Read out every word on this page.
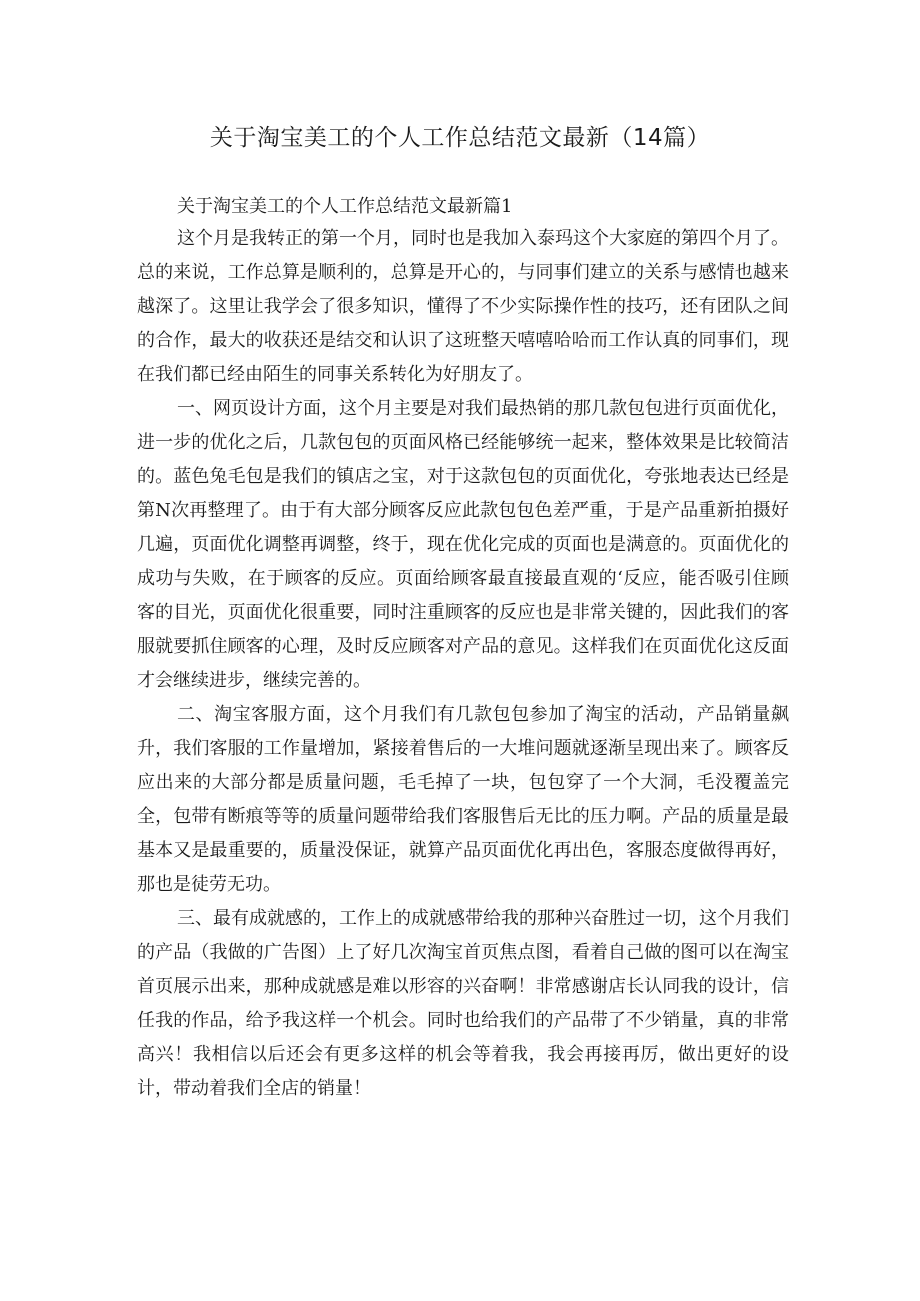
关于淘宝美工的个人工作总结范文最新（14篇）

关于淘宝美工的个人工作总结范文最新篇1

这个月是我转正的第一个月，同时也是我加入泰玛这个大家庭的第四个月了。总的来说，工作总算是顺利的，总算是开心的，与同事们建立的关系与感情也越来越深了。这里让我学会了很多知识，懂得了不少实际操作性的技巧，还有团队之间的合作，最大的收获还是结交和认识了这班整天嘻嘻哈哈而工作认真的同事们，现在我们都已经由陌生的同事关系转化为好朋友了。

一、网页设计方面，这个月主要是对我们最热销的那几款包包进行页面优化，进一步的优化之后，几款包包的页面风格已经能够统一起来，整体效果是比较简洁的。蓝色兔毛包是我们的镇店之宝，对于这款包包的页面优化，夸张地表达已经是第N次再整理了。由于有大部分顾客反应此款包包色差严重，于是产品重新拍摄好几遍，页面优化调整再调整，终于，现在优化完成的页面也是满意的。页面优化的成功与失败，在于顾客的反应。页面给顾客最直接最直观的‘反应，能否吸引住顾客的目光，页面优化很重要，同时注重顾客的反应也是非常关键的，因此我们的客服就要抓住顾客的心理，及时反应顾客对产品的意见。这样我们在页面优化这反面才会继续进步，继续完善的。

二、淘宝客服方面，这个月我们有几款包包参加了淘宝的活动，产品销量飙升，我们客服的工作量增加，紧接着售后的一大堆问题就逐渐呈现出来了。顾客反应出来的大部分都是质量问题，毛毛掉了一块，包包穿了一个大洞，毛没覆盖完全，包带有断痕等等的质量问题带给我们客服售后无比的压力啊。产品的质量是最基本又是最重要的，质量没保证，就算产品页面优化再出色，客服态度做得再好，那也是徒劳无功。

三、最有成就感的，工作上的成就感带给我的那种兴奋胜过一切，这个月我们的产品（我做的广告图）上了好几次淘宝首页焦点图，看着自己做的图可以在淘宝首页展示出来，那种成就感是难以形容的兴奋啊！非常感谢店长认同我的设计，信任我的作品，给予我这样一个机会。同时也给我们的产品带了不少销量，真的非常高兴！我相信以后还会有更多这样的机会等着我，我会再接再厉，做出更好的设计，带动着我们全店的销量！
